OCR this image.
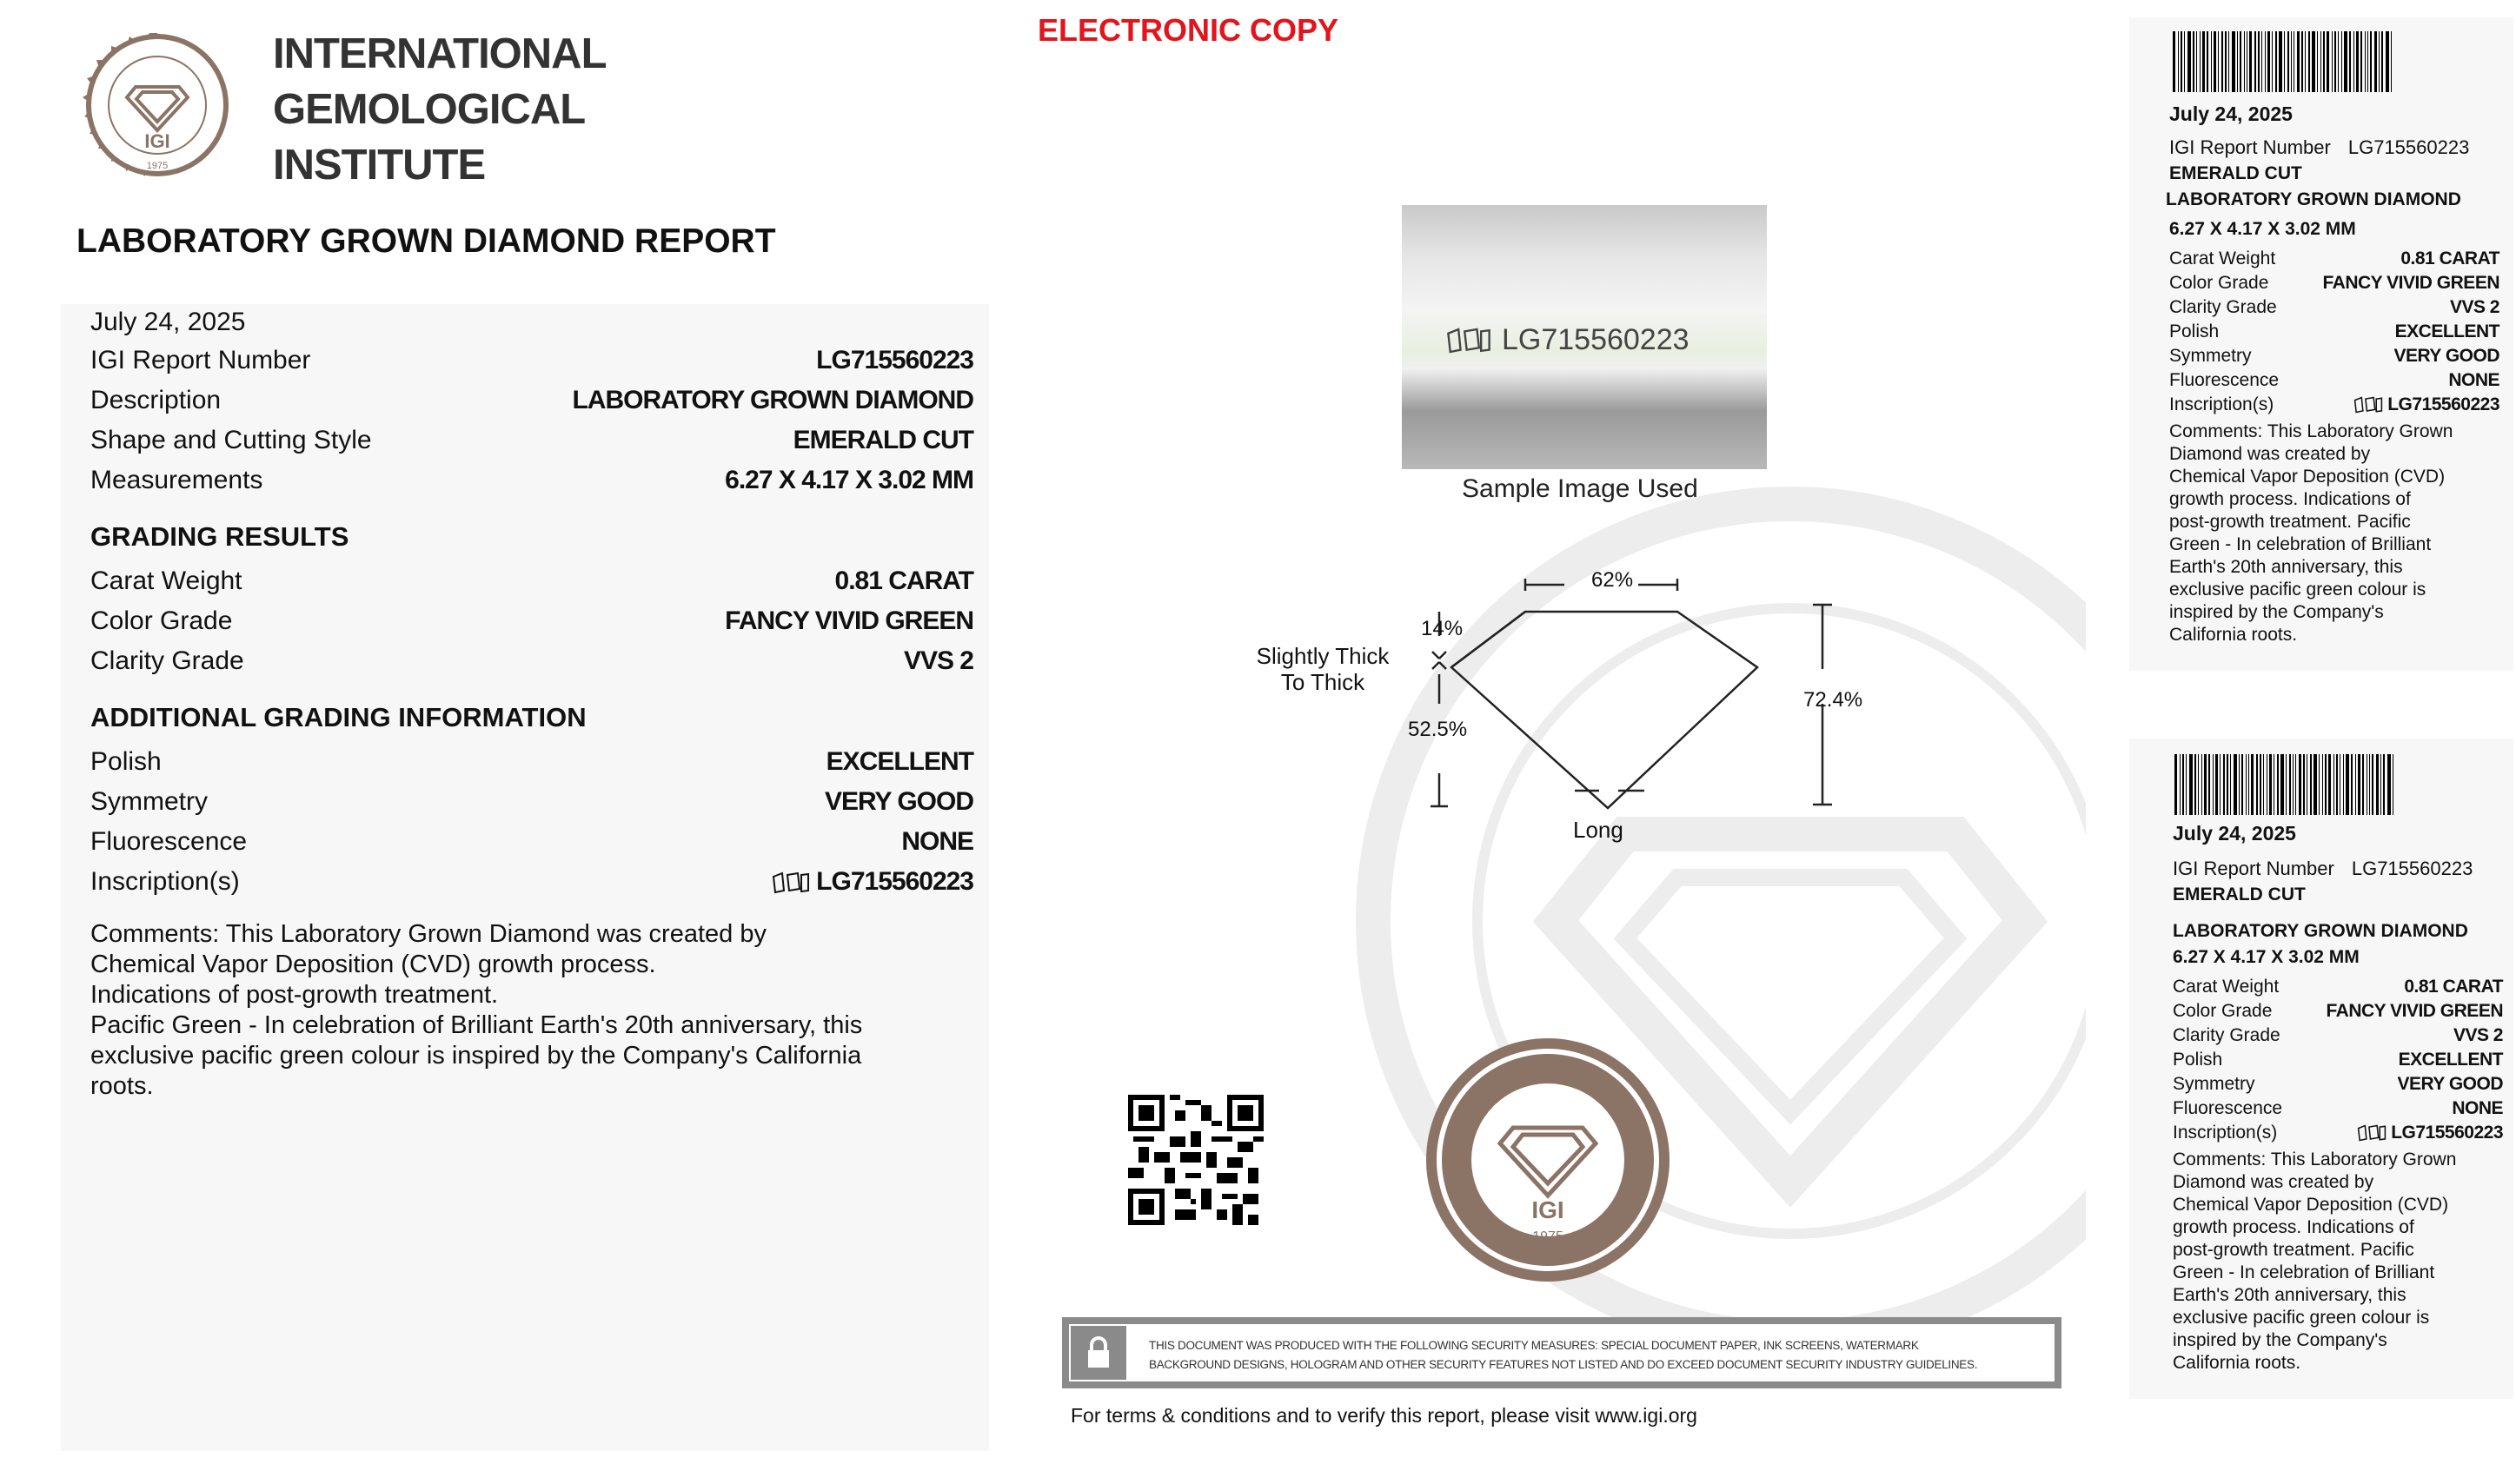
IGI
1975
INTERNATIONAL
GEMOLOGICAL
INSTITUTE
ELECTRONIC COPY
LABORATORY GROWN DIAMOND REPORT
July 24, 2025
IGI Report Number	LG715560223
Description	LABORATORY GROWN DIAMOND
Shape and Cutting Style	EMERALD CUT
Measurements	6.27 X 4.17 X 3.02 MM
GRADING RESULTS
Carat Weight	0.81 CARAT
Color Grade	FANCY VIVID GREEN
Clarity Grade	VVS 2
ADDITIONAL GRADING INFORMATION
Polish	EXCELLENT
Symmetry	VERY GOOD
Fluorescence	NONE
Inscription(s)	LG715560223
Comments: This Laboratory Grown Diamond was created by
Chemical Vapor Deposition (CVD) growth process.
Indications of post-growth treatment.
Pacific Green - In celebration of Brilliant Earth's 20th anniversary, this
exclusive pacific green colour is inspired by the Company's California
roots.
LG715560223
Sample Image Used
62%
14%
Slightly Thick
To Thick
52.5%
72.4%
Long
IGI
1975
THIS DOCUMENT WAS PRODUCED WITH THE FOLLOWING SECURITY MEASURES: SPECIAL DOCUMENT PAPER, INK SCREENS, WATERMARK
BACKGROUND DESIGNS, HOLOGRAM AND OTHER SECURITY FEATURES NOT LISTED AND DO EXCEED DOCUMENT SECURITY INDUSTRY GUIDELINES.
For terms & conditions and to verify this report, please visit www.igi.org
July 24, 2025
IGI Report Number LG715560223
EMERALD CUT
LABORATORY GROWN DIAMOND
6.27 X 4.17 X 3.02 MM
Carat Weight	0.81 CARAT
Color Grade	FANCY VIVID GREEN
Clarity Grade	VVS 2
Polish	EXCELLENT
Symmetry	VERY GOOD
Fluorescence	NONE
Inscription(s)	LG715560223
Comments: This Laboratory Grown
Diamond was created by
Chemical Vapor Deposition (CVD)
growth process. Indications of
post-growth treatment. Pacific
Green - In celebration of Brilliant
Earth's 20th anniversary, this
exclusive pacific green colour is
inspired by the Company's
California roots.
July 24, 2025
IGI Report Number LG715560223
EMERALD CUT
LABORATORY GROWN DIAMOND
6.27 X 4.17 X 3.02 MM
Carat Weight	0.81 CARAT
Color Grade	FANCY VIVID GREEN
Clarity Grade	VVS 2
Polish	EXCELLENT
Symmetry	VERY GOOD
Fluorescence	NONE
Inscription(s)	LG715560223
Comments: This Laboratory Grown
Diamond was created by
Chemical Vapor Deposition (CVD)
growth process. Indications of
post-growth treatment. Pacific
Green - In celebration of Brilliant
Earth's 20th anniversary, this
exclusive pacific green colour is
inspired by the Company's
California roots.
